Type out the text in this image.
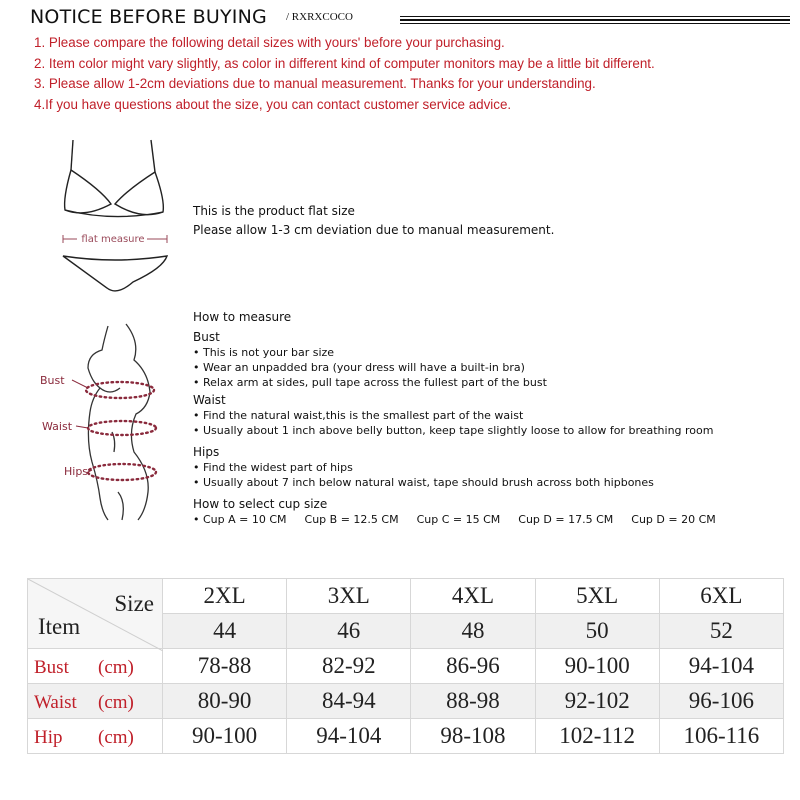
NOTICE BEFORE BUYING / RXRXCOCO
1. Please compare the following detail sizes with yours' before your purchasing.
2. Item color might vary slightly, as color in different kind of computer monitors may be a little bit different.
3. Please allow 1-2cm deviations due to manual measurement. Thanks for your understanding.
4.If you have questions about the size, you can contact customer service advice.
flat measure
This is the product flat size
Please allow 1-3 cm deviation due to manual measurement.
Bust
Waist
Hips
How to measure
Bust
• This is not your bar size
• Wear an unpadded bra (your dress will have a built-in bra)
• Relax arm at sides, pull tape across the fullest part of the bust
Waist
• Find the natural waist,this is the smallest part of the waist
• Usually about 1 inch above belly button, keep tape slightly loose to allow for breathing room
Hips
• Find the widest part of hips
• Usually about 7 inch below natural waist, tape should brush across both hipbones
How to select cup size
• Cup A = 10 CM Cup B = 12.5 CM Cup C = 15 CM Cup D = 17.5 CM Cup D = 20 CM
Size
Item	2XL	3XL	4XL	5XL	6XL
	44	46	48	50	52
Bust (cm)	78-88	82-92	86-96	90-100	94-104
Waist (cm)	80-90	84-94	88-98	92-102	96-106
Hip (cm)	90-100	94-104	98-108	102-112	106-116
